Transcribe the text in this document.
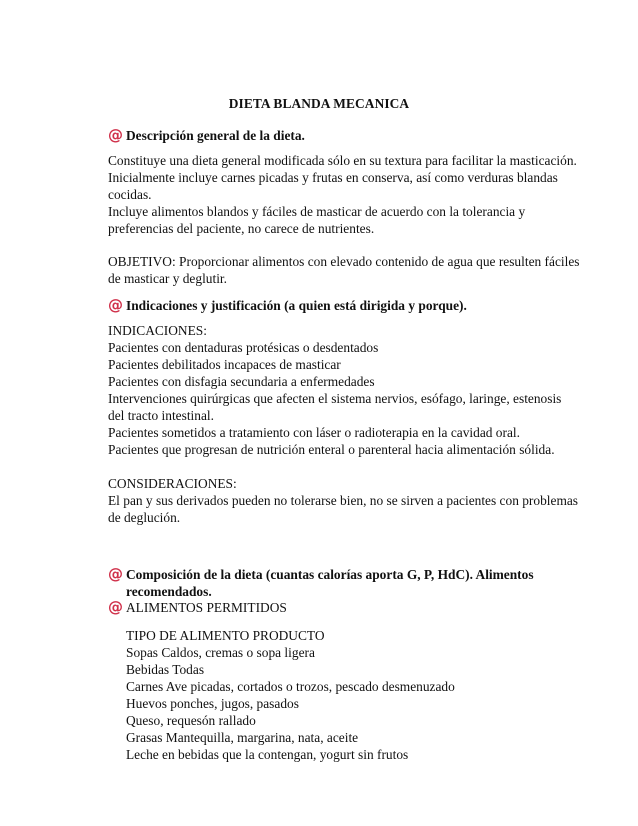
DIETA BLANDA MECANICA
@ Descripción general de la dieta.
Constituye una dieta general modificada sólo en su textura para facilitar la masticación.
Inicialmente incluye carnes picadas y frutas en conserva, así como verduras blandas
cocidas.
Incluye alimentos blandos y fáciles de masticar de acuerdo con la tolerancia y
preferencias del paciente, no carece de nutrientes.
OBJETIVO: Proporcionar alimentos con elevado contenido de agua que resulten fáciles
de masticar y deglutir.
@ Indicaciones y justificación (a quien está dirigida y porque).
INDICACIONES:
Pacientes con dentaduras protésicas o desdentados
Pacientes debilitados incapaces de masticar
Pacientes con disfagia secundaria a enfermedades
Intervenciones quirúrgicas que afecten el sistema nervios, esófago, laringe, estenosis
del tracto intestinal.
Pacientes sometidos a tratamiento con láser o radioterapia en la cavidad oral.
Pacientes que progresan de nutrición enteral o parenteral hacia alimentación sólida.
CONSIDERACIONES:
El pan y sus derivados pueden no tolerarse bien, no se sirven a pacientes con problemas
de deglución.
@ Composición de la dieta (cuantas calorías aporta G, P, HdC). Alimentos
recomendados.
@ ALIMENTOS PERMITIDOS
TIPO DE ALIMENTO PRODUCTO
Sopas Caldos, cremas o sopa ligera
Bebidas Todas
Carnes Ave picadas, cortados o trozos, pescado desmenuzado
Huevos ponches, jugos, pasados
Queso, requesón rallado
Grasas Mantequilla, margarina, nata, aceite
Leche en bebidas que la contengan, yogurt sin frutos
